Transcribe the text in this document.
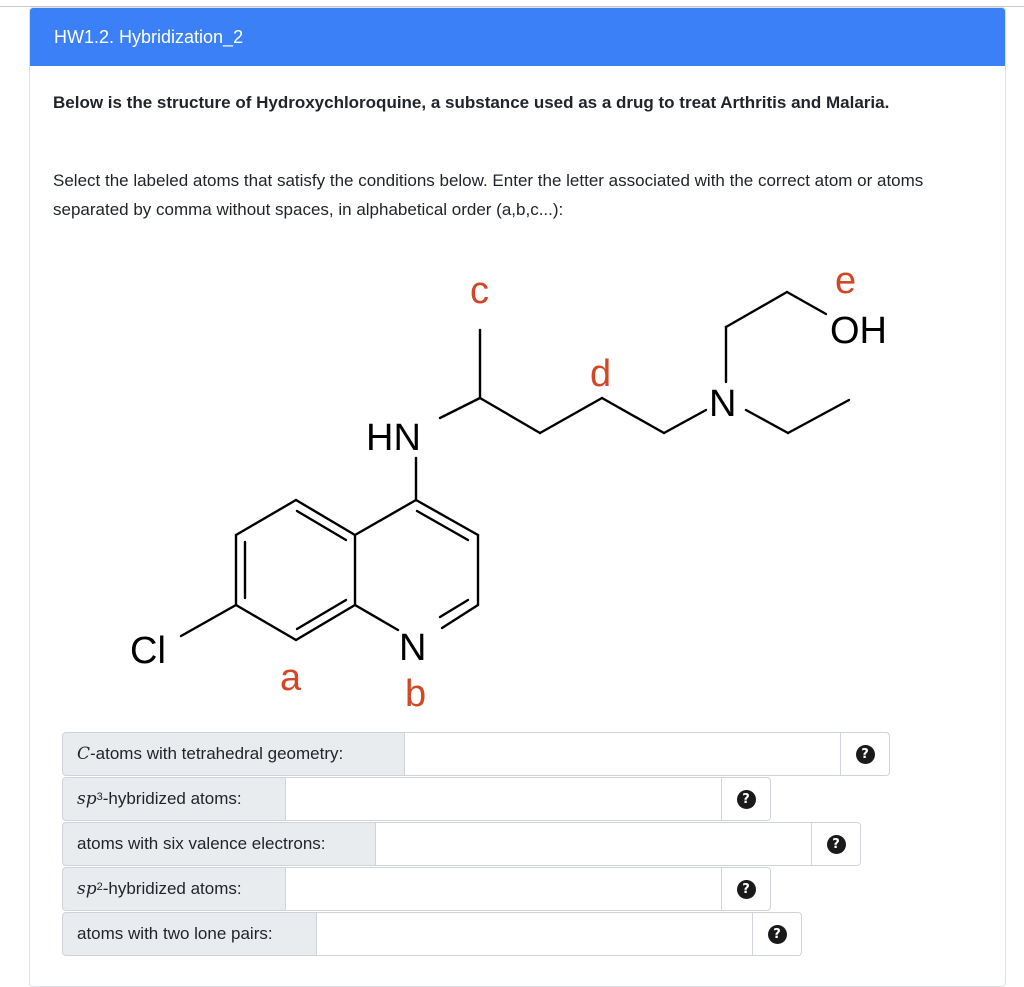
HW1.2. Hybridization_2
Below is the structure of Hydroxychloroquine, a substance used as a drug to treat Arthritis and Malaria.
Select the labeled atoms that satisfy the conditions below. Enter the letter associated with the correct atom or atoms separated by comma without spaces, in alphabetical order (a,b,c...):
Cl
HN
N
N
OH
a	b
c
d
e
C -atoms with tetrahedral geometry:	?
$sp^3$ -hybridized atoms:	?
atoms with six valence electrons:	?
$sp^2$ -hybridized atoms:	?
atoms with two lone pairs:	?
